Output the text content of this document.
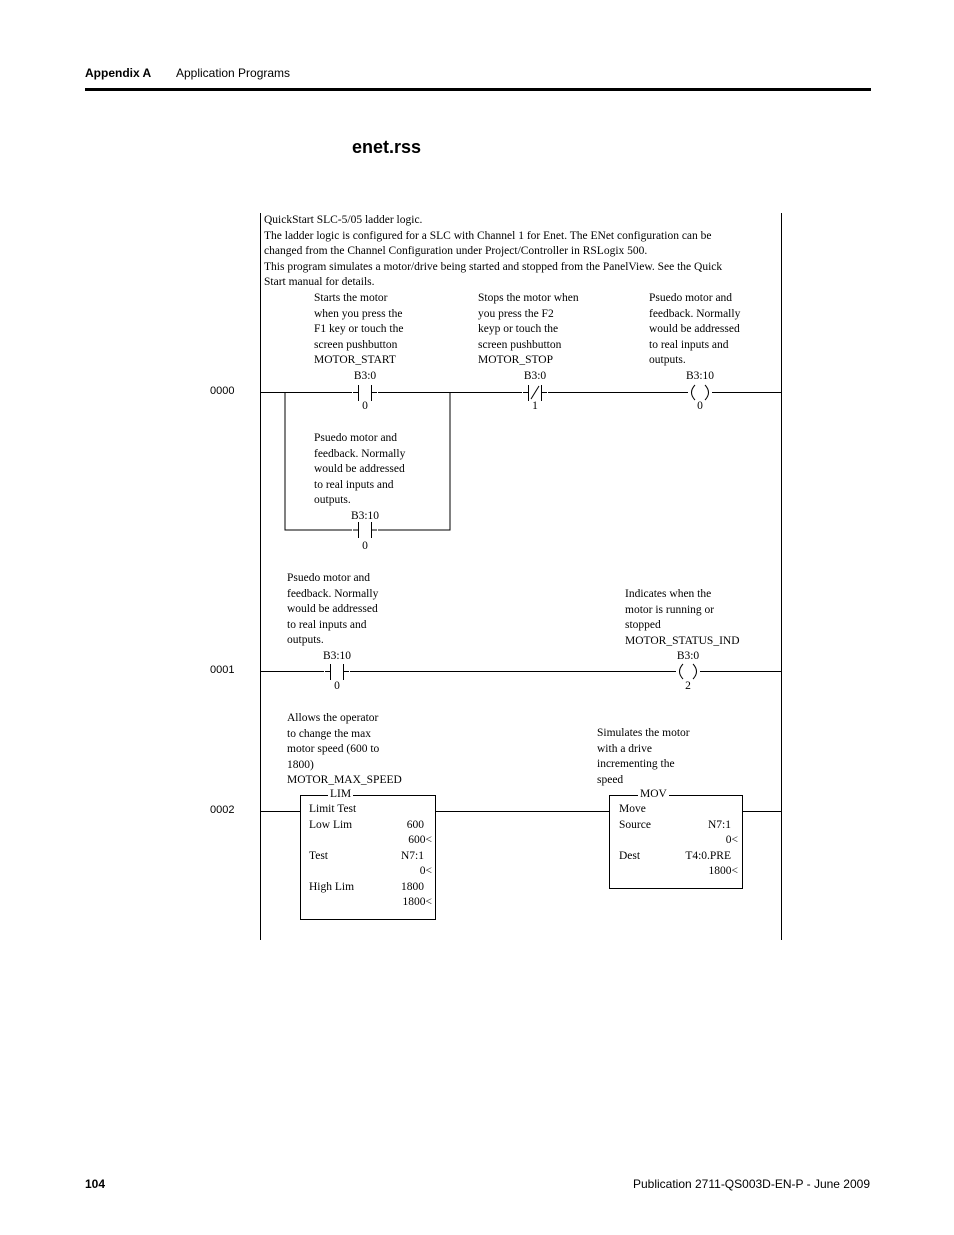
Appendix A Application Programs
enet.rss
QuickStart SLC-5/05 ladder logic.
The ladder logic is configured for a SLC with Channel 1 for Enet. The ENet configuration can be
changed from the Channel Configuration under Project/Controller in RSLogix 500.
This program simulates a motor/drive being started and stopped from the PanelView. See the Quick
Start manual for details.
0000
Starts the motor
when you press the
F1 key or touch the
screen pushbutton
MOTOR_START
Stops the motor when
you press the F2
keyp or touch the
screen pushbutton
MOTOR_STOP
Psuedo motor and
feedback. Normally
would be addressed
to real inputs and
outputs.
B3:0
0
B3:0
1
B3:10
0
Psuedo motor and
feedback. Normally
would be addressed
to real inputs and
outputs.
B3:10
0
0001
Psuedo motor and
feedback. Normally
would be addressed
to real inputs and
outputs.
Indicates when the
motor is running or
stopped
MOTOR_STATUS_IND
B3:10
0
B3:0
2
0002
Allows the operator
to change the max
motor speed (600 to
1800)
MOTOR_MAX_SPEED
Simulates the motor
with a drive
incrementing the
speed
LIM
Limit Test
Low Lim	600
600<
Test	N7:1
0<
High Lim	1800
1800<
MOV
Move
Source	N7:1
0<
Dest	T4:0.PRE
1800<
104	Publication 2711-QS003D-EN-P - June 2009
